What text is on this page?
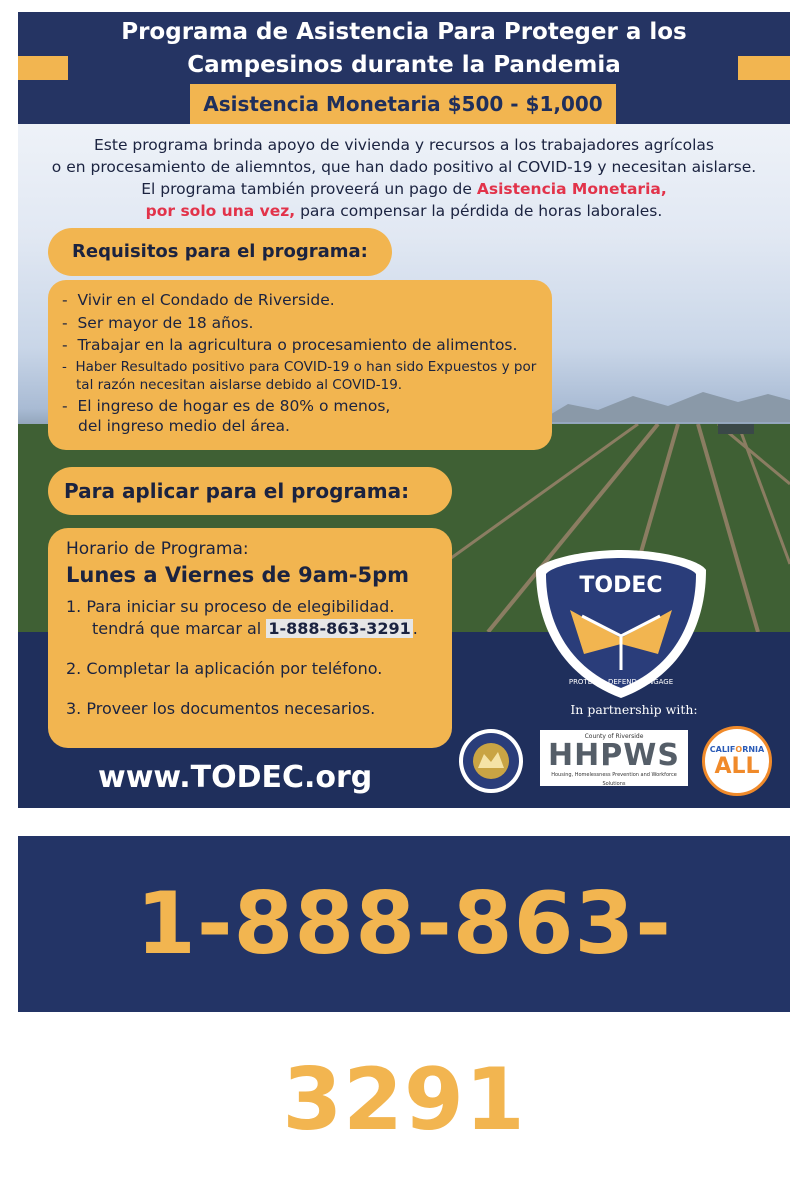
Programa de Asistencia Para Proteger a los
Campesinos durante la Pandemia
Asistencia Monetaria $500 - $1,000
Este programa brinda apoyo de vivienda y recursos a los trabajadores agrícolas
o en procesamiento de aliemntos, que han dado positivo al COVID-19 y necesitan aislarse.
El programa también proveerá un pago de Asistencia Monetaria,
por solo una vez, para compensar la pérdida de horas laborales.
Requisitos para el programa:
-  Vivir en el Condado de Riverside.
-  Ser mayor de 18 años.
-  Trabajar en la agricultura o procesamiento de alimentos.
-  Haber Resultado positivo para COVID-19 o han sido Expuestos y por
tal razón necesitan aislarse debido al COVID-19.
-  El ingreso de hogar es de 80% o menos,
del ingreso medio del área.
Para aplicar para el programa:
Horario de Programa:
Lunes a Viernes de 9am-5pm
1. Para iniciar su proceso de elegibilidad.
tendrá que marcar al 1-888-863-3291 .
2. Completar la aplicación por teléfono.
3. Proveer los documentos necesarios.
www.TODEC.org
TODEC
PROTECT · DEFEND · ENGAGE
In partnership with:
County of Riverside
HHPWS
Housing, Homelessness Prevention and Workforce Solutions
CALIFORNIA
ALL
1-888-863-3291
